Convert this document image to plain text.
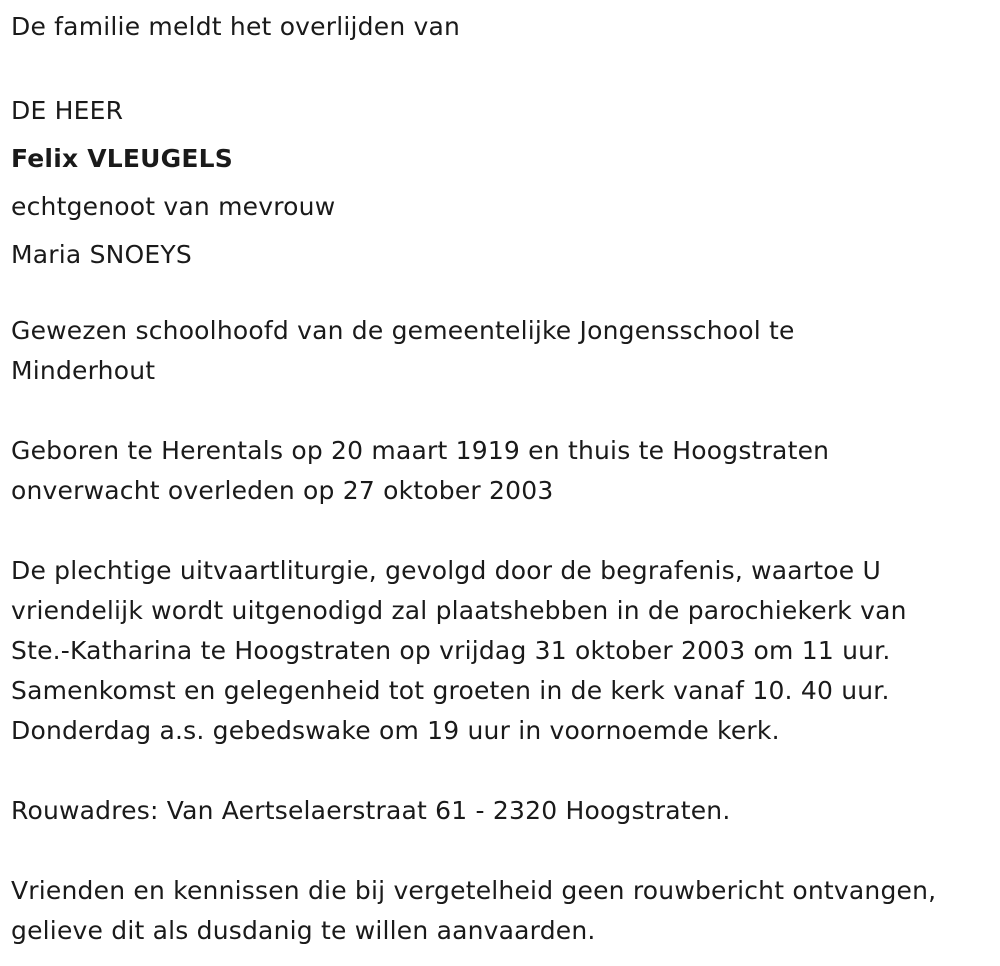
De familie meldt het overlijden van
DE HEER
Felix VLEUGELS
echtgenoot van mevrouw
Maria SNOEYS
Gewezen schoolhoofd van de gemeentelijke Jongensschool te
Minderhout
Geboren te Herentals op 20 maart 1919 en thuis te Hoogstraten
onverwacht overleden op 27 oktober 2003
De plechtige uitvaartliturgie, gevolgd door de begrafenis, waartoe U
vriendelijk wordt uitgenodigd zal plaatshebben in de parochiekerk van
Ste.-Katharina te Hoogstraten op vrijdag 31 oktober 2003 om 11 uur.
Samenkomst en gelegenheid tot groeten in de kerk vanaf 10. 40 uur.
Donderdag a.s. gebedswake om 19 uur in voornoemde kerk.
Rouwadres: Van Aertselaerstraat 61 - 2320 Hoogstraten.
Vrienden en kennissen die bij vergetelheid geen rouwbericht ontvangen,
gelieve dit als dusdanig te willen aanvaarden.
